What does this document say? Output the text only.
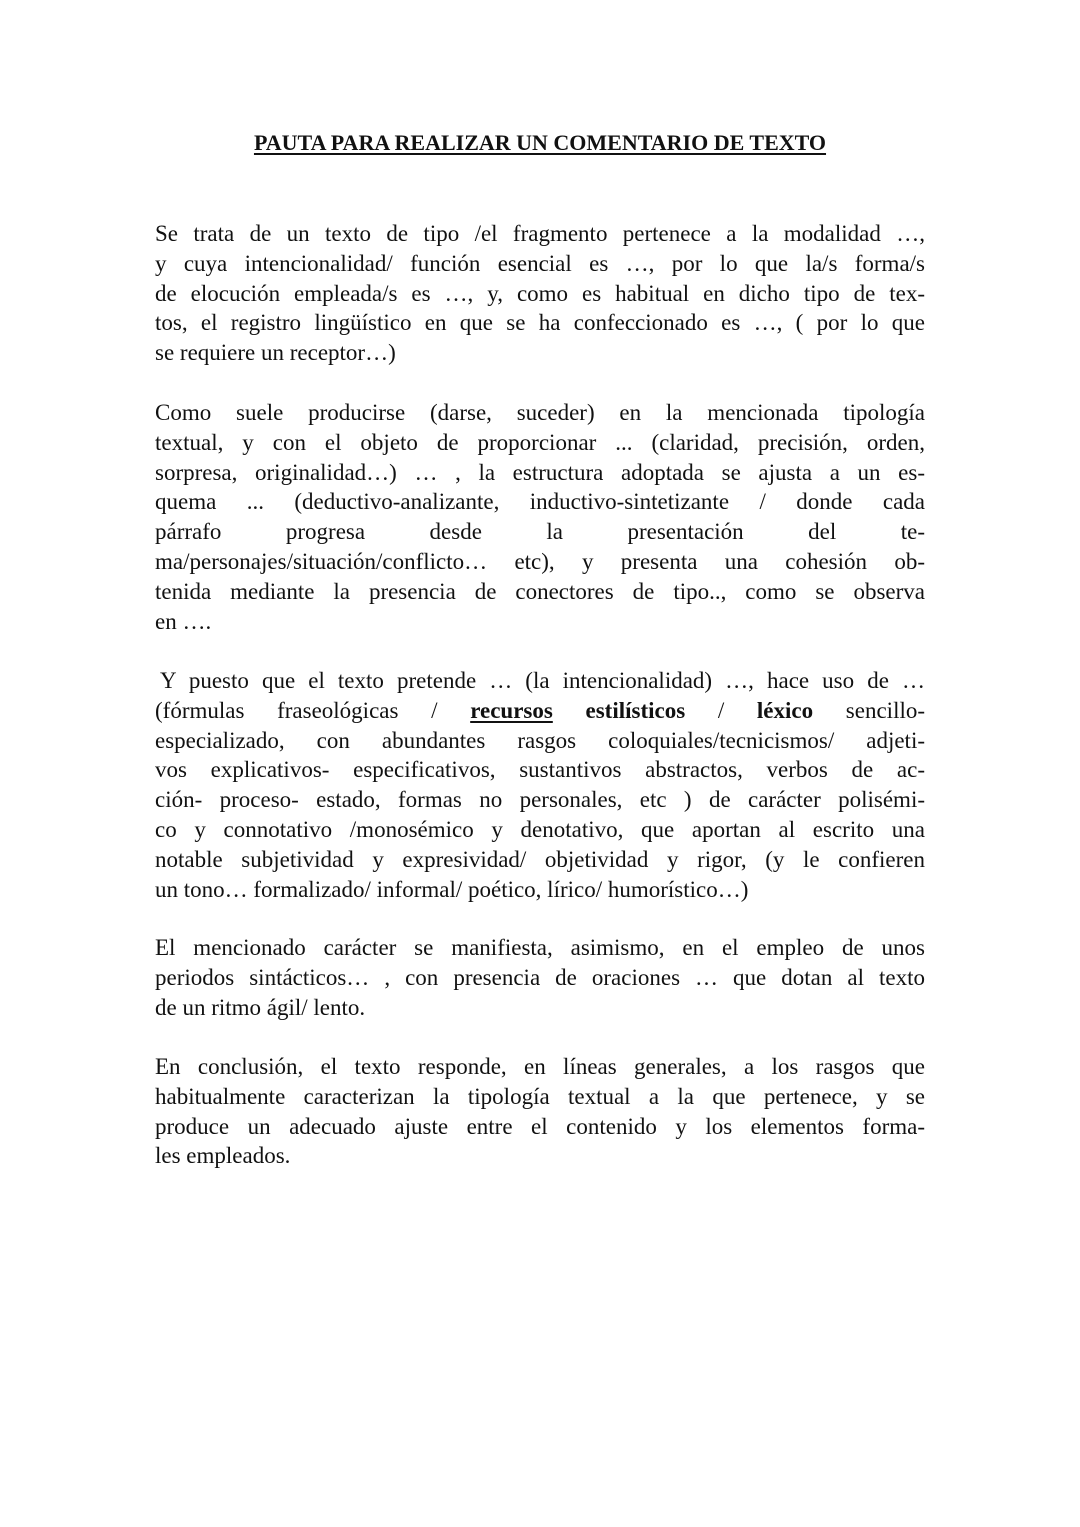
PAUTA PARA REALIZAR UN COMENTARIO DE TEXTO
Se trata de un texto de tipo /el fragmento pertenece a la modalidad …,
y cuya intencionalidad/ función esencial es …, por lo que la/s forma/s
de elocución empleada/s es …, y, como es habitual en dicho tipo de tex-
tos, el registro lingüístico en que se ha confeccionado es …, ( por lo que
se requiere un receptor…)
Como suele producirse (darse, suceder) en la mencionada tipología
textual, y con el objeto de proporcionar ... (claridad, precisión, orden,
sorpresa, originalidad…) … , la estructura adoptada se ajusta a un es-
quema ... (deductivo-analizante, inductivo-sintetizante / donde cada
párrafo progresa desde la presentación del te-
ma/personajes/situación/conflicto… etc), y presenta una cohesión ob-
tenida mediante la presencia de conectores de tipo.., como se observa
en ….
Y puesto que el texto pretende … (la intencionalidad) …, hace uso de …
(fórmulas fraseológicas / recursos estilísticos / léxico sencillo-
especializado, con abundantes rasgos coloquiales/tecnicismos/ adjeti-
vos explicativos- especificativos, sustantivos abstractos, verbos de ac-
ción- proceso- estado, formas no personales, etc ) de carácter polisémi-
co y connotativo /monosémico y denotativo, que aportan al escrito una
notable subjetividad y expresividad/ objetividad y rigor, (y le confieren
un tono… formalizado/ informal/ poético, lírico/ humorístico…)
El mencionado carácter se manifiesta, asimismo, en el empleo de unos
periodos sintácticos… , con presencia de oraciones … que dotan al texto
de un ritmo ágil/ lento.
En conclusión, el texto responde, en líneas generales, a los rasgos que
habitualmente caracterizan la tipología textual a la que pertenece, y se
produce un adecuado ajuste entre el contenido y los elementos forma-
les empleados.
